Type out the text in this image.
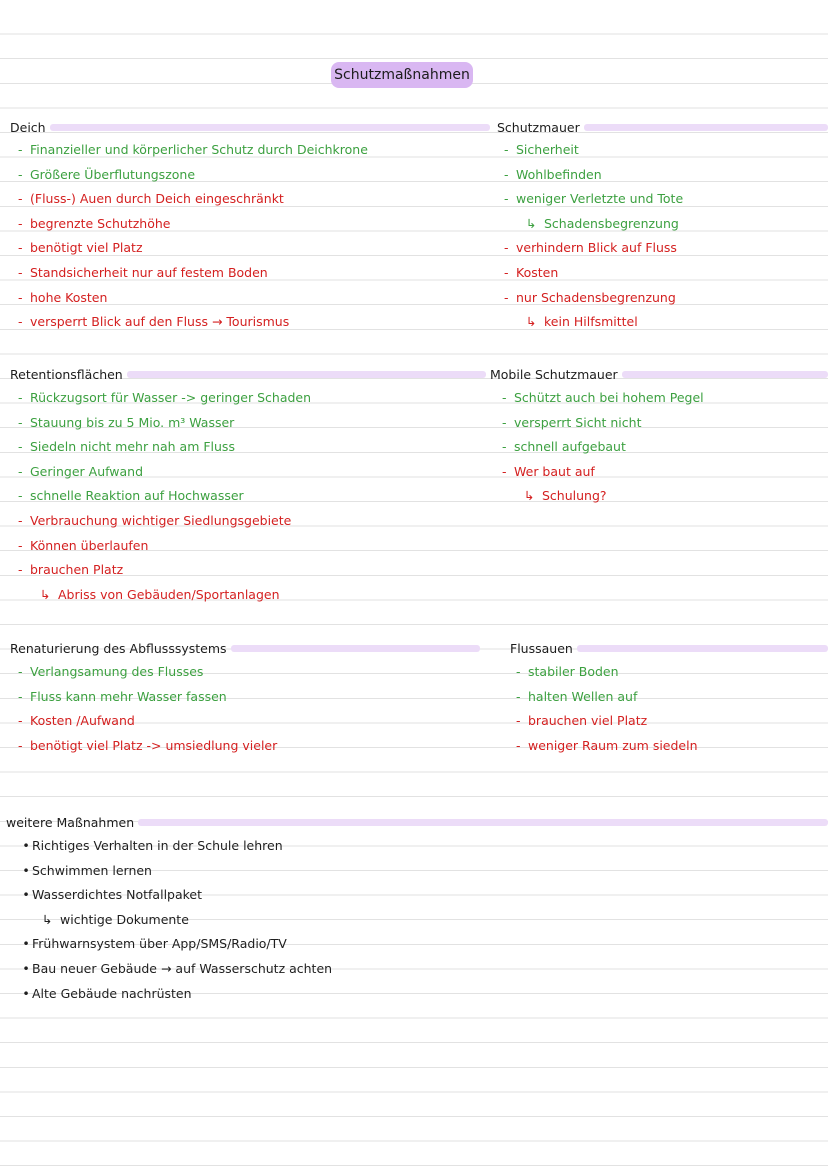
Schutzmaßnahmen
Deich
- Finanzieller und körperlicher Schutz durch Deichkrone
- Größere Überflutungszone
- (Fluss-) Auen durch Deich eingeschränkt
- begrenzte Schutzhöhe
- benötigt viel Platz
- Standsicherheit nur auf festem Boden
- hohe Kosten
- versperrt Blick auf den Fluss → Tourismus
Schutzmauer
- Sicherheit
- Wohlbefinden
- weniger Verletzte und Tote
↳ Schadensbegrenzung
- verhindern Blick auf Fluss
- Kosten
- nur Schadensbegrenzung
↳ kein Hilfsmittel
Retentionsflächen
- Rückzugsort für Wasser -> geringer Schaden
- Stauung bis zu 5 Mio. m³ Wasser
- Siedeln nicht mehr nah am Fluss
- Geringer Aufwand
- schnelle Reaktion auf Hochwasser
- Verbrauchung wichtiger Siedlungsgebiete
- Können überlaufen
- brauchen Platz
↳ Abriss von Gebäuden/Sportanlagen
Mobile Schutzmauer
- Schützt auch bei hohem Pegel
- versperrt Sicht nicht
- schnell aufgebaut
- Wer baut auf
↳ Schulung?
Renaturierung des Abflusssystems
- Verlangsamung des Flusses
- Fluss kann mehr Wasser fassen
- Kosten /Aufwand
- benötigt viel Platz -> umsiedlung vieler
Flussauen
- stabiler Boden
- halten Wellen auf
- brauchen viel Platz
- weniger Raum zum siedeln
weitere Maßnahmen
• Richtiges Verhalten in der Schule lehren
• Schwimmen lernen
• Wasserdichtes Notfallpaket
↳ wichtige Dokumente
• Frühwarnsystem über App/SMS/Radio/TV
• Bau neuer Gebäude → auf Wasserschutz achten
• Alte Gebäude nachrüsten
